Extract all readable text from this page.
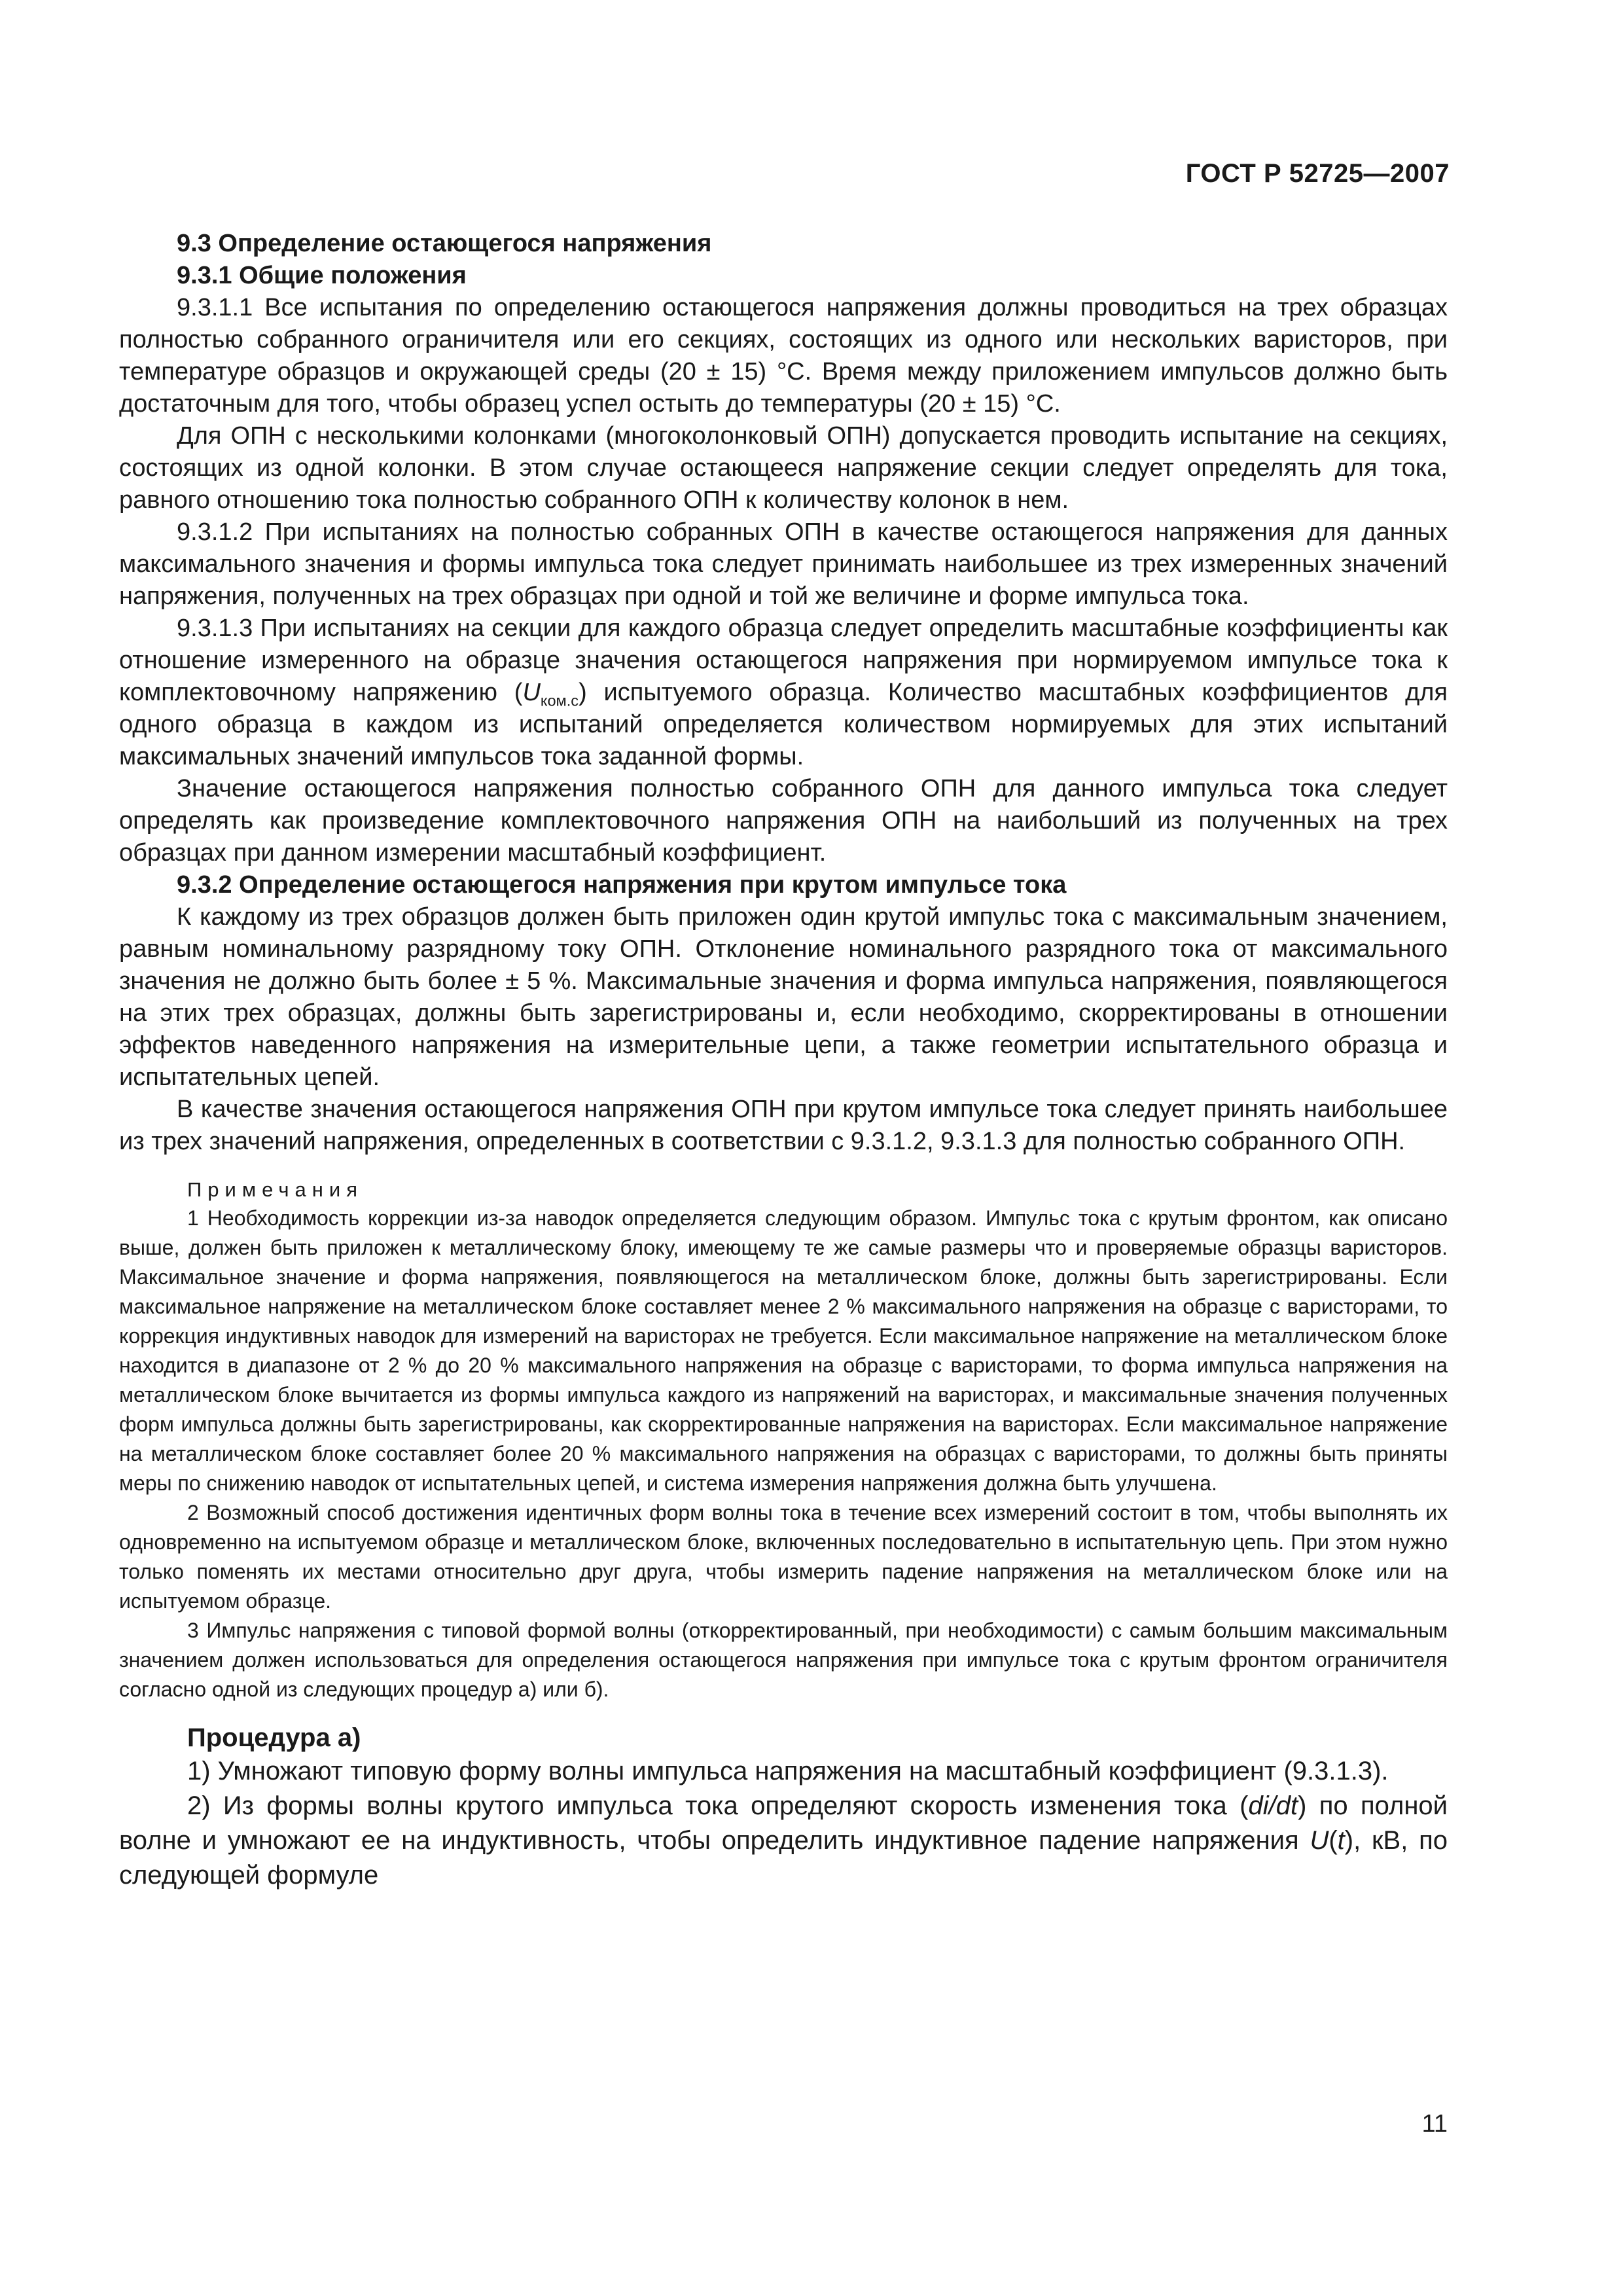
ГОСТ Р 52725—2007

9.3 Определение остающегося напряжения

9.3.1 Общие положения

9.3.1.1 Все испытания по определению остающегося напряжения должны проводиться на трех образцах полностью собранного ограничителя или его секциях, состоящих из одного или нескольких варисторов, при температуре образцов и окружающей среды (20 ± 15) °С. Время между приложением импульсов должно быть достаточным для того, чтобы образец успел остыть до температуры (20 ± 15) °С.

Для ОПН с несколькими колонками (многоколонковый ОПН) допускается проводить испытание на секциях, состоящих из одной колонки. В этом случае остающееся напряжение секции следует определять для тока, равного отношению тока полностью собранного ОПН к количеству колонок в нем.

9.3.1.2 При испытаниях на полностью собранных ОПН в качестве остающегося напряжения для данных максимального значения и формы импульса тока следует принимать наибольшее из трех измеренных значений напряжения, полученных на трех образцах при одной и той же величине и форме импульса тока.

9.3.1.3 При испытаниях на секции для каждого образца следует определить масштабные коэффициенты как отношение измеренного на образце значения остающегося напряжения при нормируемом импульсе тока к комплектовочному напряжению $(U_{ком.с})$ испытуемого образца. Количество масштабных коэффициентов для одного образца в каждом из испытаний определяется количеством нормируемых для этих испытаний максимальных значений импульсов тока заданной формы.

Значение остающегося напряжения полностью собранного ОПН для данного импульса тока следует определять как произведение комплектовочного напряжения ОПН на наибольший из полученных на трех образцах при данном измерении масштабный коэффициент.

9.3.2 Определение остающегося напряжения при крутом импульсе тока

К каждому из трех образцов должен быть приложен один крутой импульс тока с максимальным значением, равным номинальному разрядному току ОПН. Отклонение номинального разрядного тока от максимального значения не должно быть более ± 5 %. Максимальные значения и форма импульса напряжения, появляющегося на этих трех образцах, должны быть зарегистрированы и, если необходимо, скорректированы в отношении эффектов наведенного напряжения на измерительные цепи, а также геометрии испытательного образца и испытательных цепей.

В качестве значения остающегося напряжения ОПН при крутом импульсе тока следует принять наибольшее из трех значений напряжения, определенных в соответствии с 9.3.1.2, 9.3.1.3 для полностью собранного ОПН.

Примечания

1 Необходимость коррекции из-за наводок определяется следующим образом. Импульс тока с крутым фронтом, как описано выше, должен быть приложен к металлическому блоку, имеющему те же самые размеры что и проверяемые образцы варисторов. Максимальное значение и форма напряжения, появляющегося на металлическом блоке, должны быть зарегистрированы. Если максимальное напряжение на металлическом блоке составляет менее 2 % максимального напряжения на образце с варисторами, то коррекция индуктивных наводок для измерений на варисторах не требуется. Если максимальное напряжение на металлическом блоке находится в диапазоне от 2 % до 20 % максимального напряжения на образце с варисторами, то форма импульса напряжения на металлическом блоке вычитается из формы импульса каждого из напряжений на варисторах, и максимальные значения полученных форм импульса должны быть зарегистрированы, как скорректированные напряжения на варисторах. Если максимальное напряжение на металлическом блоке составляет более 20 % максимального напряжения на образцах с варисторами, то должны быть приняты меры по снижению наводок от испытательных цепей, и система измерения напряжения должна быть улучшена.

2 Возможный способ достижения идентичных форм волны тока в течение всех измерений состоит в том, чтобы выполнять их одновременно на испытуемом образце и металлическом блоке, включенных последовательно в испытательную цепь. При этом нужно только поменять их местами относительно друг друга, чтобы измерить падение напряжения на металлическом блоке или на испытуемом образце.

3 Импульс напряжения с типовой формой волны (откорректированный, при необходимости) с самым большим максимальным значением должен использоваться для определения остающегося напряжения при импульсе тока с крутым фронтом ограничителя согласно одной из следующих процедур а) или б).

Процедура а)

1) Умножают типовую форму волны импульса напряжения на масштабный коэффициент (9.3.1.3).

2) Из формы волны крутого импульса тока определяют скорость изменения тока (di/dt) по полной волне и умножают ее на индуктивность, чтобы определить индуктивное падение напряжения U(t), кВ, по следующей формуле

11
